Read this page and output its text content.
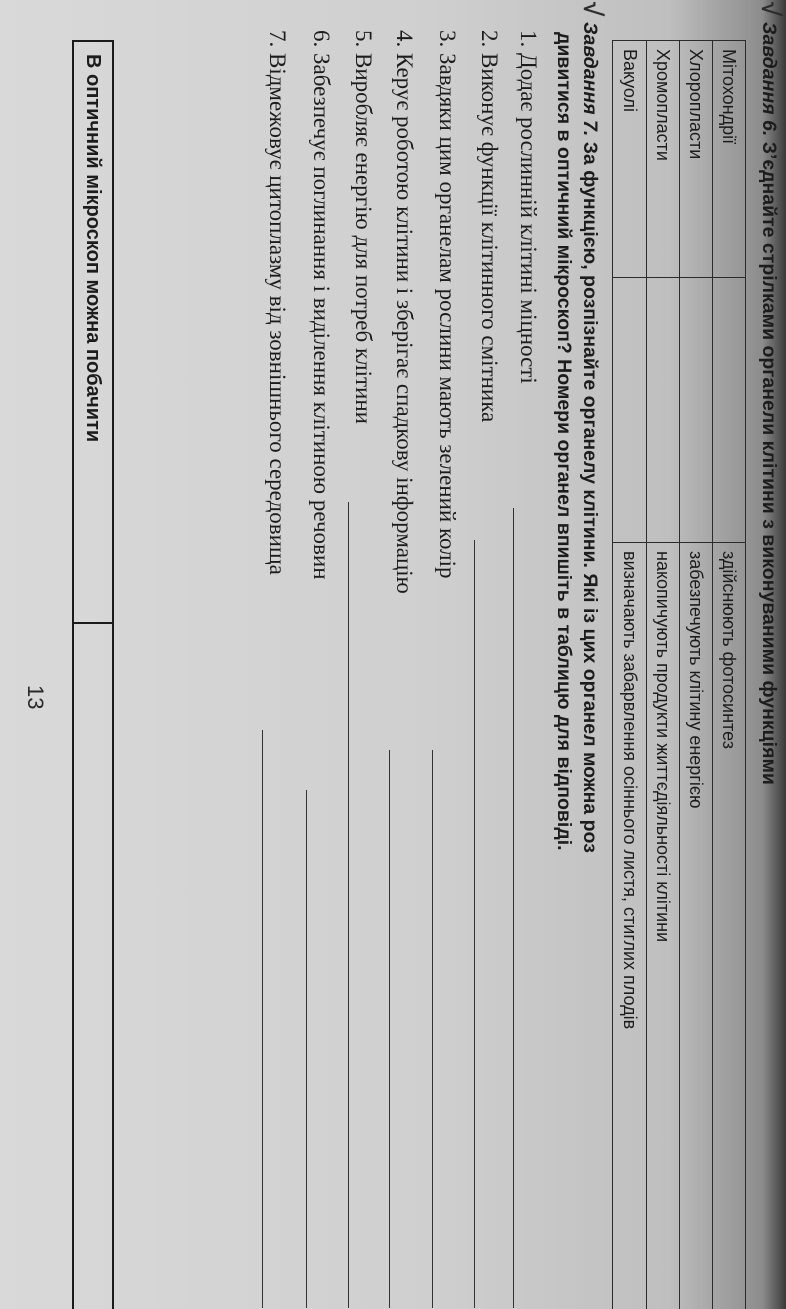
√
Завдання 6. З’єднайте стрілками органели клітини з виконуваними функціями
Мітохондрії
здійснюють фотосинтез
Хлоропласти
забезпечують клітину енергією
Хромопласти
накопичують продукти життєдіяльності клітини
Вакуолі
визначають забарвлення осіннього листя, стиглих плодів
√
Завдання 7. За функцією, розпізнайте органелу клітини. Які із цих органел можна роз
дивитися в оптичний мікроскоп? Номери органел впишіть в таблицю для відповіді.
1. Додає рослинній клітині міцності
2. Виконує функції клітинного смітника
3. Завдяки цим органелам рослини мають зелений колір
4. Керує роботою клітини і зберігає спадкову інформацію
5. Виробляє енергію для потреб клітини
6. Забезпечує поглинання і виділення клітиною речовин
7. Відмежовує цитоплазму від зовнішнього середовища
В оптичний мікроскоп можна побачити
13
